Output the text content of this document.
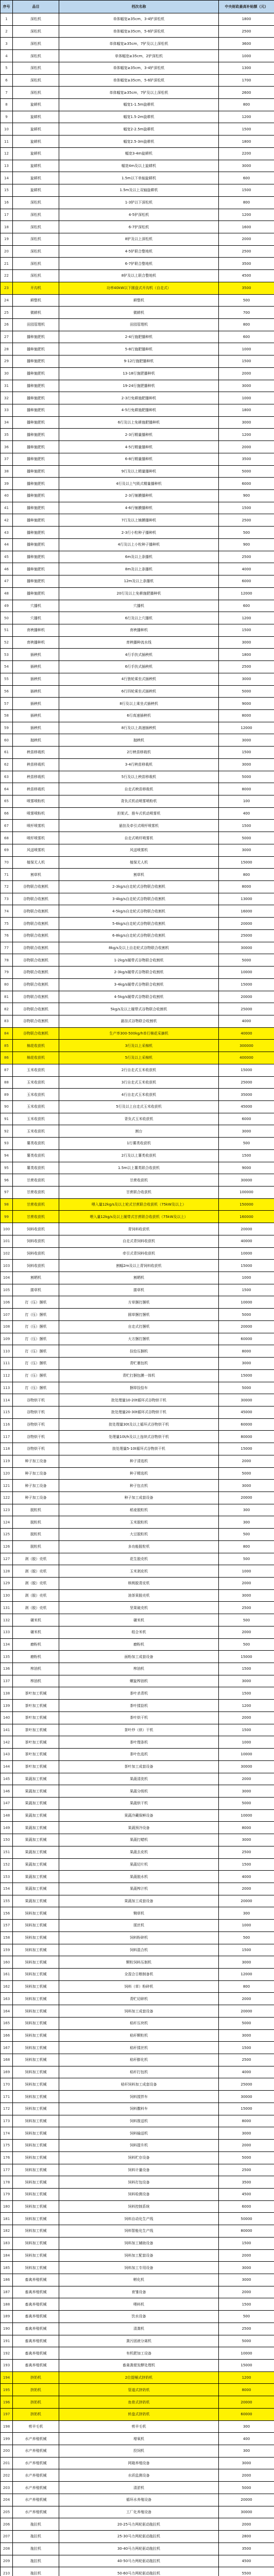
序号	品目	档次名称	中央财政最高补贴额（元）
1	深松机	单体幅宽≥35cm，3-4铲深松机	1800
2	深松机	单体幅宽≥35cm，5-6铲深松机	2500
3	深松机	单体幅宽≥35cm，7铲及以上深松机	3600
4	深松机	单体幅宽≥35cm，2铲深松机	1000
5	深松机	单体幅宽≥35cm，3-4铲深松机	1300
6	深松机	单体幅宽≥35cm，5-6铲深松机	1700
7	深松机	单体幅宽≥35cm，7铲及以上深松机	2600
8	旋耕机	幅宽1-1.5m旋耕机	800
9	旋耕机	幅宽1.5-2m旋耕机	1200
10	旋耕机	幅宽2-2.5m旋耕机	1500
11	旋耕机	幅宽2.5-3m旋耕机	1800
12	旋耕机	幅宽3-4m旋耕机	2200
13	旋耕机	幅宽4m及以上旋耕机	3000
14	旋耕机	1.5m以下单轴旋耕机	600
15	旋耕机	1.5m及以上双轴旋耕机	1500
16	深松机	1-3铲以下深松机	800
17	深松机	4-5铲深松机	1200
18	深松机	6-7铲深松机	1600
19	深松机	8铲及以上深松机	2000
20	深松机	4-5铲联合整地机	2500
21	深松机	6-7铲联合整地机	3500
22	深松机	8铲及以上联合整地机	4500
23	开沟机	功率40kW以下圆盘式开沟机（自走式）	3500
24	耕整机	耕整机	500
25	微耕机	微耕机	700
26	田园管理机	田园管理机	800
27	播种施肥机	2-4行施肥播种机	600
28	播种施肥机	5-8行施肥播种机	1000
29	播种施肥机	9-12行施肥播种机	1500
30	播种施肥机	13-18行施肥播种机	2000
31	播种施肥机	19-24行施肥播种机	3000
32	播种施肥机	2-3行免耕施肥播种机	1000
33	播种施肥机	4-5行免耕施肥播种机	1800
34	播种施肥机	6行及以上免耕施肥播种机	3000
35	播种施肥机	2-3行精量播种机	1200
36	播种施肥机	4-5行精量播种机	2000
37	播种施肥机	6-8行精量播种机	3500
38	播种施肥机	9行及以上精量播种机	5000
39	播种施肥机	4行及以上气吸式精量播种机	6000
40	播种施肥机	2-3行铺膜播种机	900
41	播种施肥机	4-6行铺膜播种机	1500
42	播种施肥机	7行及以上铺膜播种机	2500
43	播种施肥机	2-3行小粒种子播种机	500
44	播种施肥机	4行及以上小粒种子播种机	900
45	播种施肥机	6m及以上条播机	2500
46	播种施肥机	8m及以上条播机	4000
47	播种施肥机	12m及以上条播机	6000
48	播种施肥机	20行及以上免耕施肥播种机	12000
49	穴播机	穴播机	600
50	穴播机	6行及以上穴播机	1200
51	育秧播种机	育秧播种机	1500
52	育秧播种机	育秧播种流水线	3000
53	插秧机	4行手扶式插秧机	1800
54	插秧机	6行手扶式插秧机	2500
55	插秧机	4行独轮乘坐式插秧机	3000
56	插秧机	6行四轮乘坐式插秧机	5000
57	插秧机	8行及以上乘坐式插秧机	9000
58	插秧机	6行高速插秧机	8000
59	插秧机	8行及以上高速插秧机	12000
60	抛秧机	抛秧机	3000
61	秧苗移栽机	2行秧苗移栽机	1500
62	秧苗移栽机	3-4行秧苗移栽机	3000
63	秧苗移栽机	5行及以上秧苗移栽机	5000
64	秧苗移栽机	自走式秧苗移栽机	8000
65	喷雾喷粉机	背负式机动喷雾喷粉机	100
66	喷雾喷粉机	担架式、推车式机动喷雾机	400
67	喷杆喷雾机	悬挂及牵引式喷杆喷雾机	1500
68	喷杆喷雾机	自走式喷杆喷雾机	5000
69	风送喷雾机	风送喷雾机	3000
70	植保无人机	植保无人机	15000
71	割草机	割草机	800
72	谷物联合收割机	2-3kg/s自走轮式谷物联合收割机	8000
73	谷物联合收割机	3-4kg/s自走轮式谷物联合收割机	13000
74	谷物联合收割机	4-5kg/s自走轮式谷物联合收割机	16000
75	谷物联合收割机	5-6kg/s自走轮式谷物联合收割机	20000
76	谷物联合收割机	6-8kg/s自走轮式谷物联合收割机	25000
77	谷物联合收割机	8kg/s及以上自走轮式谷物联合收割机	30000
78	谷物联合收割机	1-2kg/s履带式谷物联合收割机	5000
79	谷物联合收割机	2-3kg/s履带式谷物联合收割机	10000
80	谷物联合收割机	3-4kg/s履带式谷物联合收割机	15000
81	谷物联合收割机	4-5kg/s履带式谷物联合收割机	20000
82	谷物联合收割机	5kg/s及以上履带式谷物联合收割机	25000
83	谷物联合收割机	悬挂式谷物联合收割机	4000
84	谷物联合收割机	生产率300-500kg/h单行棉花采摘机	40000
85	棉花收获机	3行及以上采棉机	300000
86	棉花收获机	5行及以上采棉机	400000
87	玉米收获机	2行自走式玉米收获机	15000
88	玉米收获机	3行自走式玉米收获机	25000
89	玉米收获机	4行自走式玉米收获机	35000
90	玉米收获机	5行及以上自走式玉米收获机	45000
91	玉米收获机	背负式玉米收获机	6000
92	玉米收获机	割台	3000
93	薯类收获机	1行薯类收获机	500
94	薯类收获机	2行及以上薯类收获机	1500
95	薯类收获机	1.5m以上薯类联合收获机	9000
96	甘蔗收获机	甘蔗收获机	30000
97	甘蔗收获机	甘蔗联合收获机	100000
98	甘蔗收获机	喂入量12kg/s及以上轮式甘蔗联合收获机（75kW及以上）	150000
99	甘蔗收获机	喂入量12kg/s及以上履带式甘蔗联合收获机（75kW及以上）	160000
100	饲料收获机	青饲料收获机	20000
101	饲料收获机	自走式青饲料收获机	40000
102	饲料收获机	牵引式青饲料收获机	10000
103	饲料收获机	割幅2m及以上青饲料收获机	15000
104	割晒机	割晒机	1000
105	搂草机	搂草机	1500
106	打（压）捆机	方草捆打捆机	10000
107	打（压）捆机	圆草捆打捆机	5000
108	打（压）捆机	自走式打捆机	20000
109	打（压）捆机	大方捆打捆机	60000
110	打（压）捆机	捡拾压捆机	8000
111	打（压）捆机	青贮裹包机	3000
112	打（压）捆机	青贮打捆包膜一体机	15000
113	打（压）捆机	捆草捡拾车	5000
114	谷物烘干机	批处理量10-20t循环式谷物烘干机	30000
115	谷物烘干机	批处理量20-30t循环式谷物烘干机	45000
116	谷物烘干机	批处理量30t及以上循环式谷物烘干机	60000
117	谷物烘干机	处理量10t/h及以上连续式谷物烘干机	80000
118	谷物烘干机	批处理量5-10t循环式谷物烘干机	15000
119	种子加工设备	种子清选机	2000
120	种子加工设备	种子精选机	5000
121	种子加工设备	种子包衣机	3000
122	种子加工设备	种子加工成套设备	20000
123	脱粒机	稻麦脱粒机	300
124	脱粒机	玉米脱粒机	300
125	脱粒机	大豆脱粒机	500
126	脱粒机	多功能脱粒机	800
127	剥（脱）壳机	花生脱壳机	500
128	剥（脱）壳机	玉米剥皮机	1000
129	剥（脱）壳机	核桃脱青皮机	2000
130	剥（脱）壳机	油茶果脱壳机	3000
131	剥（脱）壳机	坚果破壳机	2500
132	碾米机	碾米机	500
133	碾米机	组合米机	2000
134	磨粉机	磨粉机	500
135	磨粉机	面粉加工成套设备	15000
136	榨油机	榨油机	1500
137	榨油机	螺旋榨油机	3000
138	茶叶加工机械	茶叶杀青机	1500
139	茶叶加工机械	茶叶揉捻机	1200
140	茶叶加工机械	茶叶烘干机	2000
141	茶叶加工机械	茶叶炒（烘）干机	1500
142	茶叶加工机械	茶叶理条机	1000
143	茶叶加工机械	茶叶色选机	10000
144	茶叶加工机械	茶叶加工成套设备	30000
145	果蔬加工机械	果蔬清洗机	2000
146	果蔬加工机械	果蔬分级机	3000
147	果蔬加工机械	果蔬烘干机	5000
148	果蔬加工机械	果蔬冷藏保鲜设备	10000
149	果蔬加工机械	果蔬预冷设备	8000
150	果蔬加工机械	果蔬打蜡机	3000
151	果蔬加工机械	果蔬去皮机	2500
152	果蔬加工机械	果蔬切片机	1500
153	果蔬加工机械	果蔬脱水机	4000
154	果蔬加工机械	果蔬榨汁机	2000
155	果蔬加工机械	果蔬加工成套设备	20000
156	饲料加工机械	铡草机	300
157	饲料加工机械	揉丝机	1000
158	饲料加工机械	饲料粉碎机	500
159	饲料加工机械	饲料混合机	1500
160	饲料加工机械	颗粒饲料压制机	3000
161	饲料加工机械	全混合日粮制备机	12000
162	饲料加工机械	饲料（草）粉碎机	800
163	饲料加工机械	青贮切碎机	2000
164	饲料加工机械	饲料加工成套设备	20000
165	饲料加工机械	秸秆压块机	5000
166	饲料加工机械	秸秆颗粒机	3000
167	饲料加工机械	秸秆揉丝机	1500
168	饲料加工机械	秸秆膨化机	2500
169	饲料加工机械	秸秆打包机	4000
170	饲料加工机械	秸秆饲料加工成套设备	25000
171	饲料加工机械	饲料搅拌车	30000
172	饲料加工机械	饲料撒料车	15000
173	饲料加工机械	饲料推送机	8000
174	饲料加工机械	饲料输送机	3000
175	饲料加工机械	饲料提升机	2000
176	饲料加工机械	饲料贮存设备	5000
177	饲料加工机械	饲料计量设备	2500
178	饲料加工机械	饲料打包设备	3500
179	饲料加工机械	饲料检测设备	4500
180	饲料加工机械	饲料控制系统	6000
181	饲料加工机械	饲料自动化生产线	50000
182	饲料加工机械	饲料智能化生产线	80000
183	饲料加工机械	饲料加工辅助设备	1500
184	饲料加工机械	饲料加工配套设备	2000
185	饲料加工机械	饲料加工专用设备	3000
186	畜禽养殖机械	孵化机	3000
187	畜禽养殖机械	育雏设备	2000
188	畜禽养殖机械	喂料机	1500
189	畜禽养殖机械	饮水设备	500
190	畜禽养殖机械	清粪机	2500
191	畜禽养殖机械	粪污固液分离机	5000
192	畜禽养殖机械	有机肥加工设备	10000
193	畜禽养殖机械	畜禽粪便发酵处理机	15000
194	挤奶机	2位提桶式挤奶机	1200
195	挤奶机	管道式挤奶机	8000
196	挤奶机	鱼骨式挤奶机	20000
197	挤奶机	转盘式挤奶机	60000
198	剪羊毛机	剪羊毛机	300
199	水产养殖机械	增氧机	400
200	水产养殖机械	投饲机	300
201	水产养殖机械	网箱养殖设备	3000
202	水产养殖机械	水质监测设备	2000
203	水产养殖机械	清淤机	5000
204	水产养殖机械	循环水养殖设备	20000
205	水产养殖机械	工厂化养殖设备	30000
206	拖拉机	20-25马力两轮驱动拖拉机	2000
207	拖拉机	25-30马力两轮驱动拖拉机	2800
208	拖拉机	30-40马力两轮驱动拖拉机	3500
209	拖拉机	40-50马力两轮驱动拖拉机	4500
210	拖拉机	50-60马力两轮驱动拖拉机	5500
